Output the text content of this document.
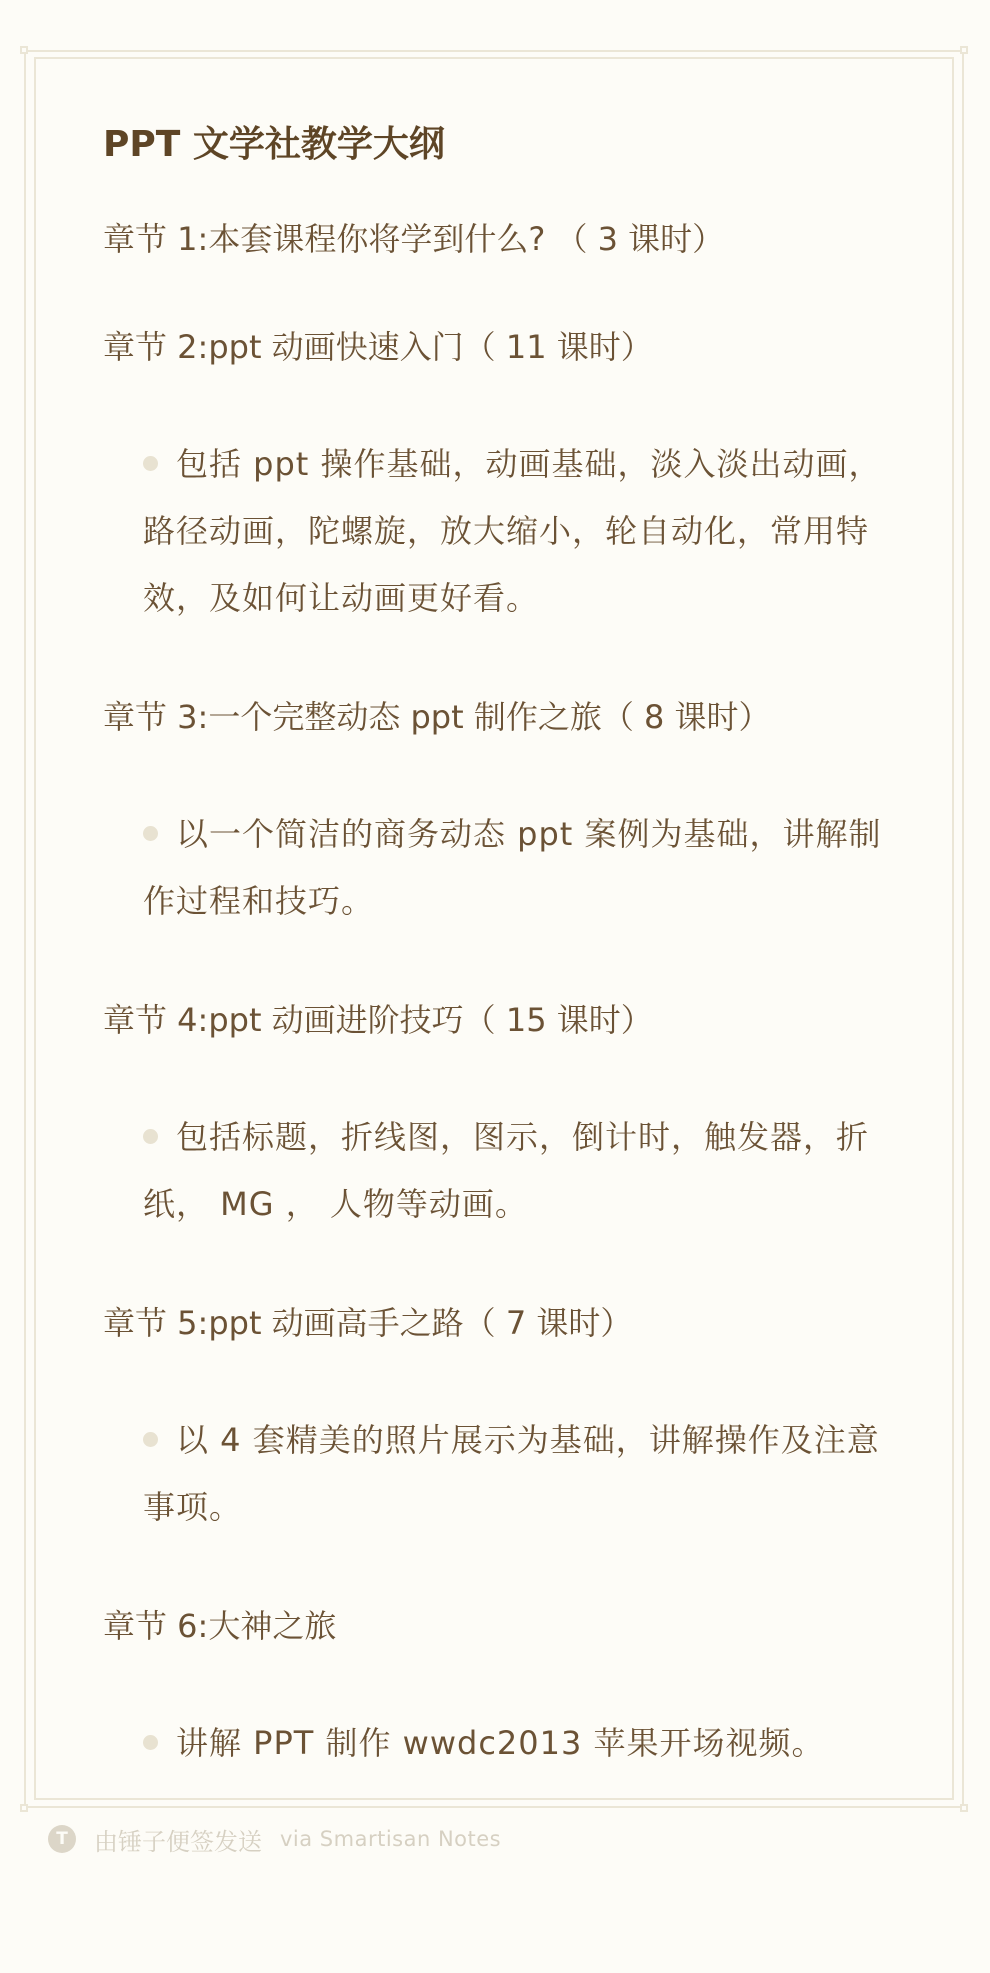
PPT 文学社教学大纲
章节 1:本套课程你将学到什么? （ 3 课时）
章节 2:ppt 动画快速入门（ 11 课时）
包括 ppt 操作基础，动画基础，淡入淡出动画，路径动画，陀螺旋，放大缩小，轮自动化，常用特效，及如何让动画更好看。
章节 3:一个完整动态 ppt 制作之旅（ 8 课时）
以一个简洁的商务动态 ppt 案例为基础，讲解制作过程和技巧。
章节 4:ppt 动画进阶技巧（ 15 课时）
包括标题，折线图，图示，倒计时，触发器，折纸， MG ， 人物等动画。
章节 5:ppt 动画高手之路（ 7 课时）
以 4 套精美的照片展示为基础，讲解操作及注意事项。
章节 6:大神之旅
讲解 PPT 制作 wwdc2013 苹果开场视频。
T	由锤子便签发送 via Smartisan Notes
